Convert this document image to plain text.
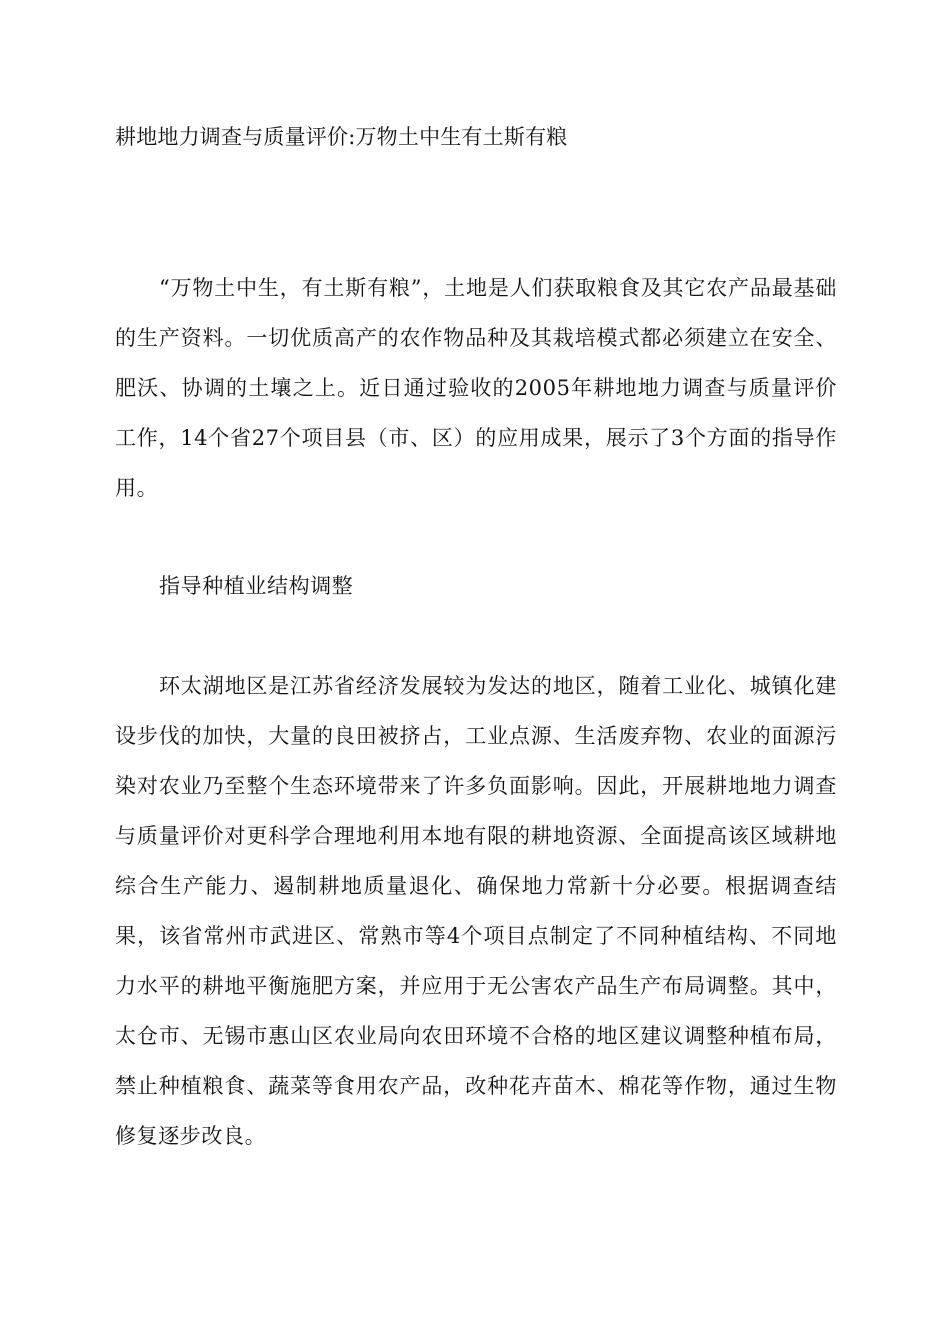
耕地地力调查与质量评价:万物土中生有土斯有粮

“万物土中生，有土斯有粮”，土地是人们获取粮食及其它农产品最基础的生产资料。一切优质高产的农作物品种及其栽培模式都必须建立在安全、肥沃、协调的土壤之上。近日通过验收的2005年耕地地力调查与质量评价工作，14个省27个项目县（市、区）的应用成果，展示了3个方面的指导作用。

指导种植业结构调整

环太湖地区是江苏省经济发展较为发达的地区，随着工业化、城镇化建设步伐的加快，大量的良田被挤占，工业点源、生活废弃物、农业的面源污染对农业乃至整个生态环境带来了许多负面影响。因此，开展耕地地力调查与质量评价对更科学合理地利用本地有限的耕地资源、全面提高该区域耕地综合生产能力、遏制耕地质量退化、确保地力常新十分必要。根据调查结果，该省常州市武进区、常熟市等4个项目点制定了不同种植结构、不同地力水平的耕地平衡施肥方案，并应用于无公害农产品生产布局调整。其中，太仓市、无锡市惠山区农业局向农田环境不合格的地区建议调整种植布局，禁止种植粮食、蔬菜等食用农产品，改种花卉苗木、棉花等作物，通过生物修复逐步改良。
